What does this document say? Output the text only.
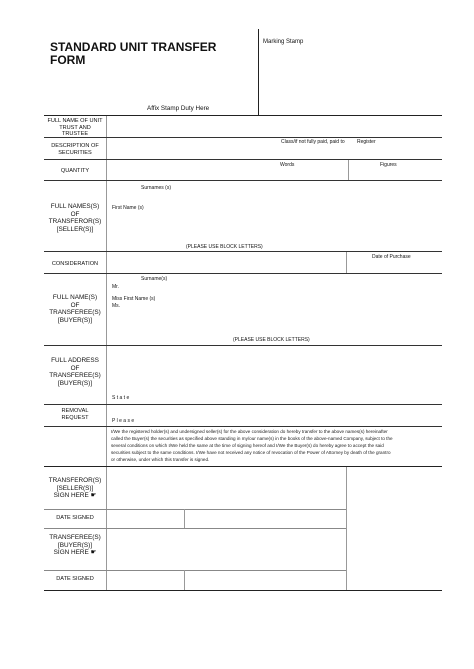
STANDARD UNIT TRANSFER
FORM
Marking Stamp
Affix Stamp Duty Here
FULL NAME OF UNIT
TRUST AND
TRUSTEE
DESCRIPTION OF
SECURITIES
Class/if not fully paid, paid to Register
Words	Figures
QUANTITY
Surnames (s)
FULL NAMES(S)
OF
TRANSFEROR(S)
[SELLER(S)]
First Name (s)
(PLEASE USE BLOCK LETTERS)
Date of Purchase
CONSIDERATION
Surname(s)
Mr.
FULL NAME(S)
OF
TRANSFEREE(S)
[BUYER(S)]
Miss First Name (s)
Ms.
(PLEASE USE BLOCK LETTERS)
FULL ADDRESS
OF
TRANSFEREE(S)
[BUYER(S)]
S t a t e
REMOVAL
REQUEST
P l e a s e
I/We the registered holder(s) and undersigned seller(s) for the above consideration do hereby transfer to the above names(s) hereinafter
called the Buyer(s) the securities as specified above standing in my/our name(s) in the books of the above-named Company, subject to the
several conditions on which I/We held the same at the time of signing hereof and I/We the Buyer(s) do hereby agree to accept the said
securities subject to the same conditions. I/We have not received any notice of revocation of the Power of Attorney by death of the grantro
or otherwise, under which this transfer is signed.
TRANSFEROR(S)
[SELLER(S)]
SIGN HERE ☛
DATE SIGNED
TRANSFEREE(S)
[BUYER(S)]
SIGN HERE ☛
DATE SIGNED
